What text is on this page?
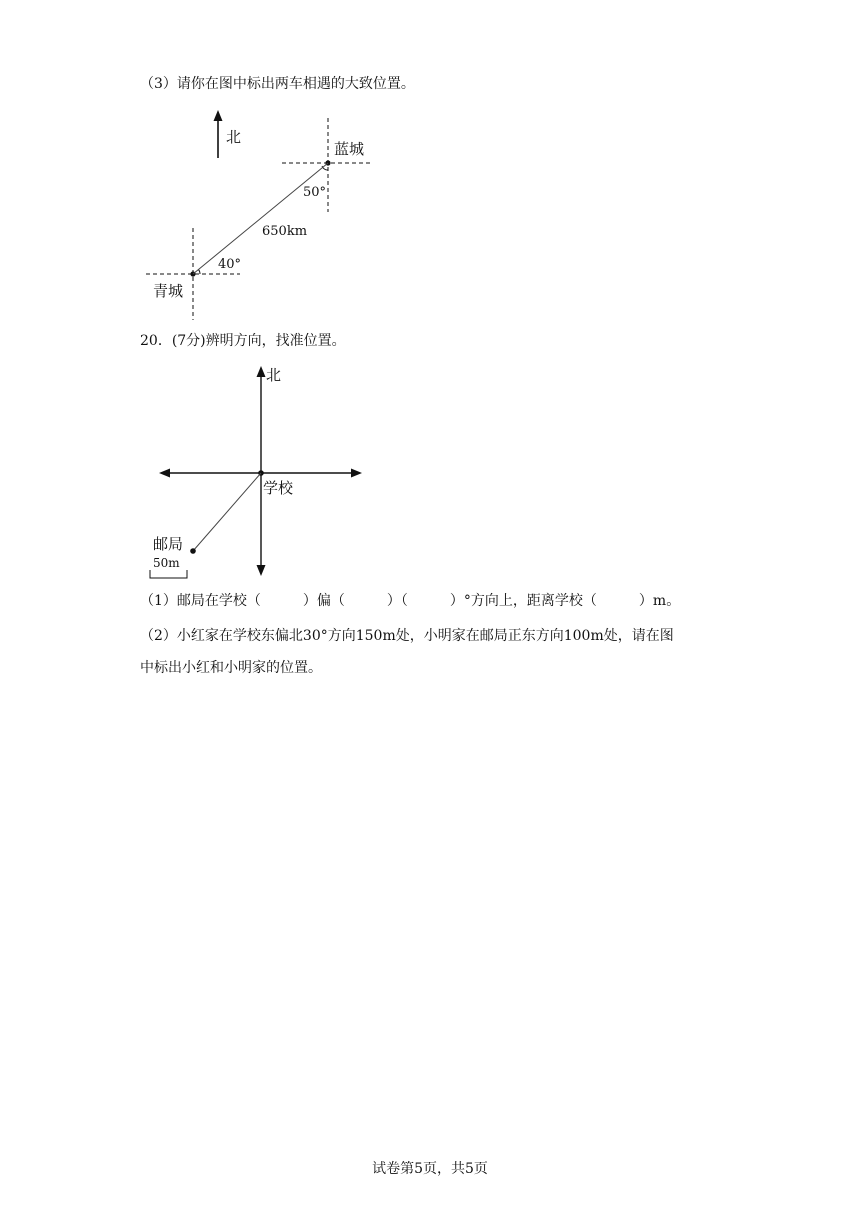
（3）请你在图中标出两车相遇的大致位置。
北
蓝城
50°
青城
40°
650km
20．(7分)辨明方向，找准位置。
北
学校
邮局
50m
（1）邮局在学校（	）偏（	）（	）°方向上，距离学校（	）m。
（2）小红家在学校东偏北30°方向150m处，小明家在邮局正东方向100m处，请在图
中标出小红和小明家的位置。
试卷第5页，共5页
